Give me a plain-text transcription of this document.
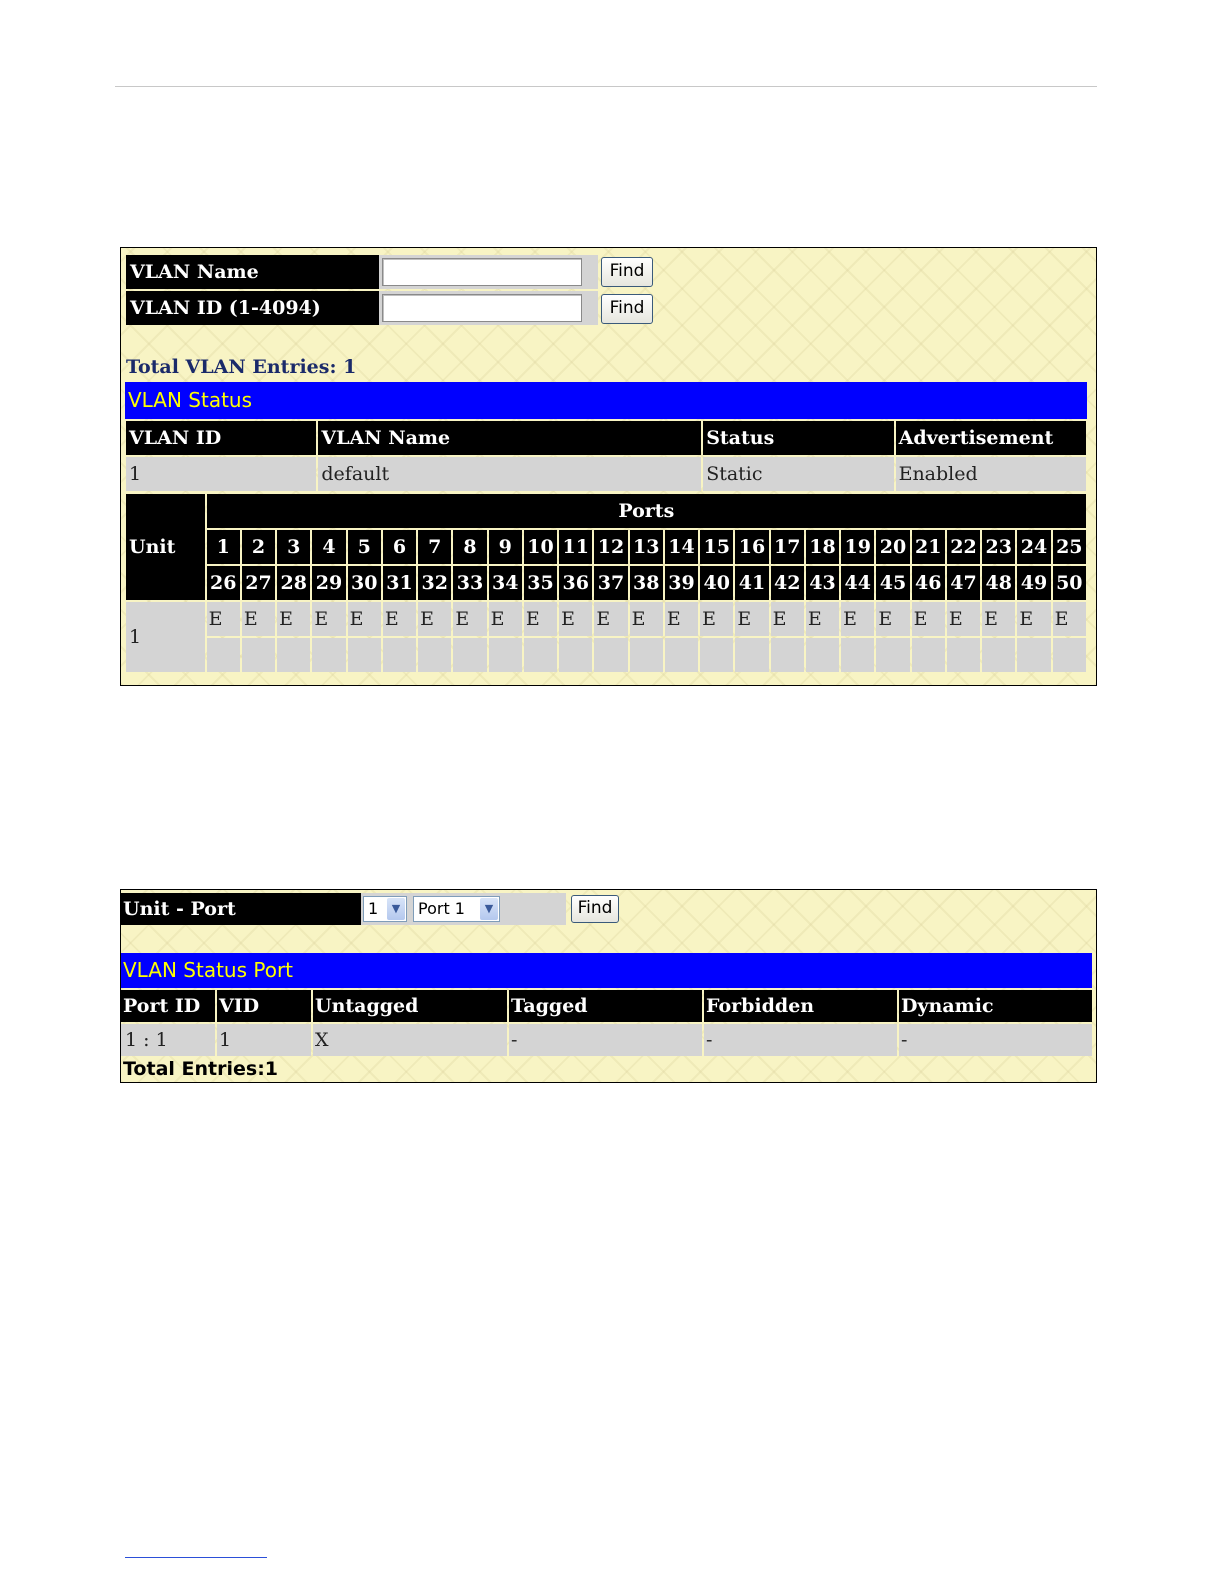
VLAN Name	Find
VLAN ID (1-4094)	Find
Total VLAN Entries: 1
VLAN Status
VLAN ID	VLAN Name	Status	Advertisement
1	default	Static	Enabled
Unit	Ports																								
	1	2	3	4	5	6	7	8	9	10	11	12	13	14	15	16	17	18	19	20	21	22	23	24	25
	26	27	28	29	30	31	32	33	34	35	36	37	38	39	40	41	42	43	44	45	46	47	48	49	50
1	E	E	E	E	E	E	E	E	E	E	E	E	E	E	E	E	E	E	E	E	E	E	E	E	E

Unit - Port	1	▼	Port 1	▼	Find
VLAN Status Port
Port ID	VID	Untagged	Tagged	Forbidden	Dynamic
1 : 1	1	X	-	-	-
Total Entries:1
